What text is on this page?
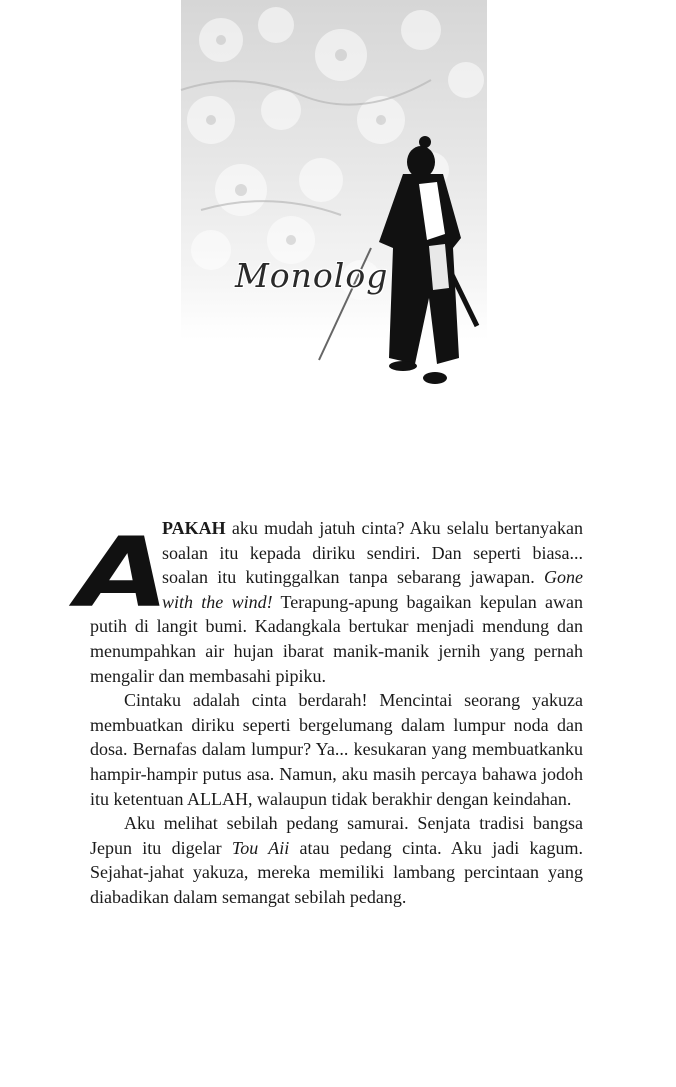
Monolog

A
PAKAH aku mudah jatuh cinta? Aku selalu bertanyakan soalan itu kepada diriku sendiri. Dan seperti biasa... soalan itu kutinggalkan tanpa sebarang jawapan. Gone with the wind! Terapung-apung bagaikan kepulan awan putih di langit bumi. Kadangkala bertukar menjadi mendung dan menumpahkan air hujan ibarat manik-manik jernih yang pernah mengalir dan membasahi pipiku.

Cintaku adalah cinta berdarah! Mencintai seorang yakuza membuatkan diriku seperti bergelumang dalam lumpur noda dan dosa. Bernafas dalam lumpur? Ya... kesukaran yang membuatkanku hampir-hampir putus asa. Namun, aku masih percaya bahawa jodoh itu ketentuan ALLAH, walaupun tidak berakhir dengan keindahan.

Aku melihat sebilah pedang samurai. Senjata tradisi bangsa Jepun itu digelar Tou Aii atau pedang cinta. Aku jadi kagum. Sejahat-jahat yakuza, mereka memiliki lambang percintaan yang diabadikan dalam semangat sebilah pedang.
